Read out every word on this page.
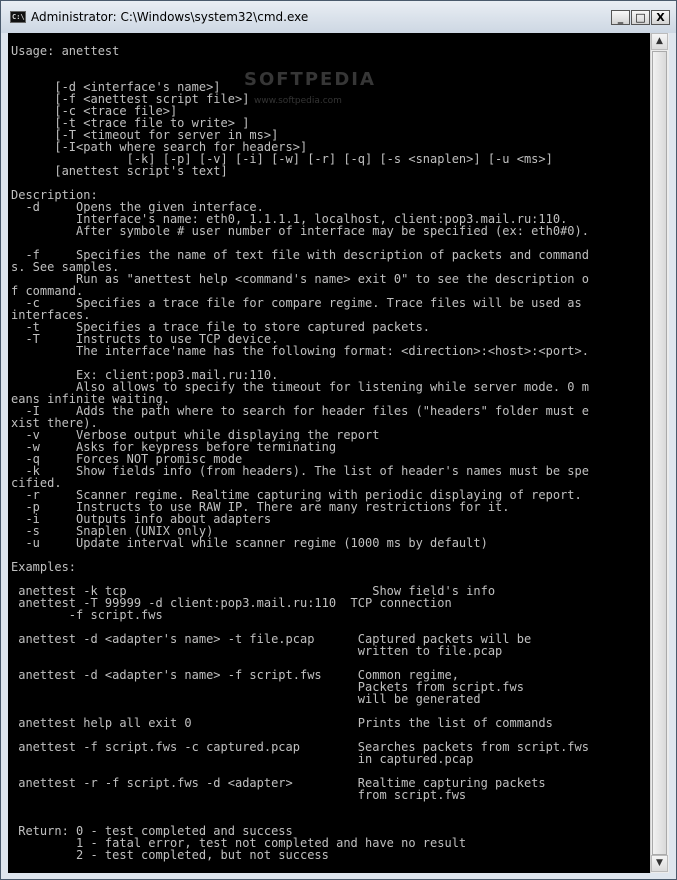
C:\ Administrator: C:\Windows\system32\cmd.exe	_	□ X
Usage: anettest
[-d <interface's name>]
[-f <anettest script file>]
[-c <trace file>]
[-t <trace file to write> ]
[-T <timeout for server in ms>]
[-I<path where search for headers>]
[-k] [-p] [-v] [-i] [-w] [-r] [-q] [-s <snaplen>] [-u <ms>]
[anettest script's text]
Description:
-d     Opens the given interface.
Interface's name: eth0, 1.1.1.1, localhost, client:pop3.mail.ru:110.
After symbole # user number of interface may be specified (ex: eth0#0).
-f     Specifies the name of text file with description of packets and command
s. See samples.
Run as "anettest help <command's name> exit 0" to see the description o
f command.
-c     Specifies a trace file for compare regime. Trace files will be used as
interfaces.
-t     Specifies a trace file to store captured packets.
-T     Instructs to use TCP device.
The interface'name has the following format: <direction>:<host>:<port>.
Ex: client:pop3.mail.ru:110.
Also allows to specify the timeout for listening while server mode. 0 m
eans infinite waiting.
-I     Adds the path where to search for header files ("headers" folder must e
xist there).
-v     Verbose output while displaying the report
-w     Asks for keypress before terminating
-q     Forces NOT promisc mode
-k     Show fields info (from headers). The list of header's names must be spe
cified.
-r     Scanner regime. Realtime capturing with periodic displaying of report.
-p     Instructs to use RAW IP. There are many restrictions for it.
-i     Outputs info about adapters
-s     Snaplen (UNIX only)
-u     Update interval while scanner regime (1000 ms by default)
Examples:
anettest -k tcp                                  Show field's info
anettest -T 99999 -d client:pop3.mail.ru:110  TCP connection
-f script.fws
anettest -d <adapter's name> -t file.pcap      Captured packets will be
written to file.pcap
anettest -d <adapter's name> -f script.fws     Common regime,
Packets from script.fws
will be generated
anettest help all exit 0                       Prints the list of commands
anettest -f script.fws -c captured.pcap        Searches packets from script.fws
in captured.pcap
anettest -r -f script.fws -d <adapter>         Realtime capturing packets
from script.fws
Return: 0 - test completed and success
1 - fatal error, test not completed and have no result
2 - test completed, but not success
SOFTPEDIA
www.softpedia.com
▲
▼
